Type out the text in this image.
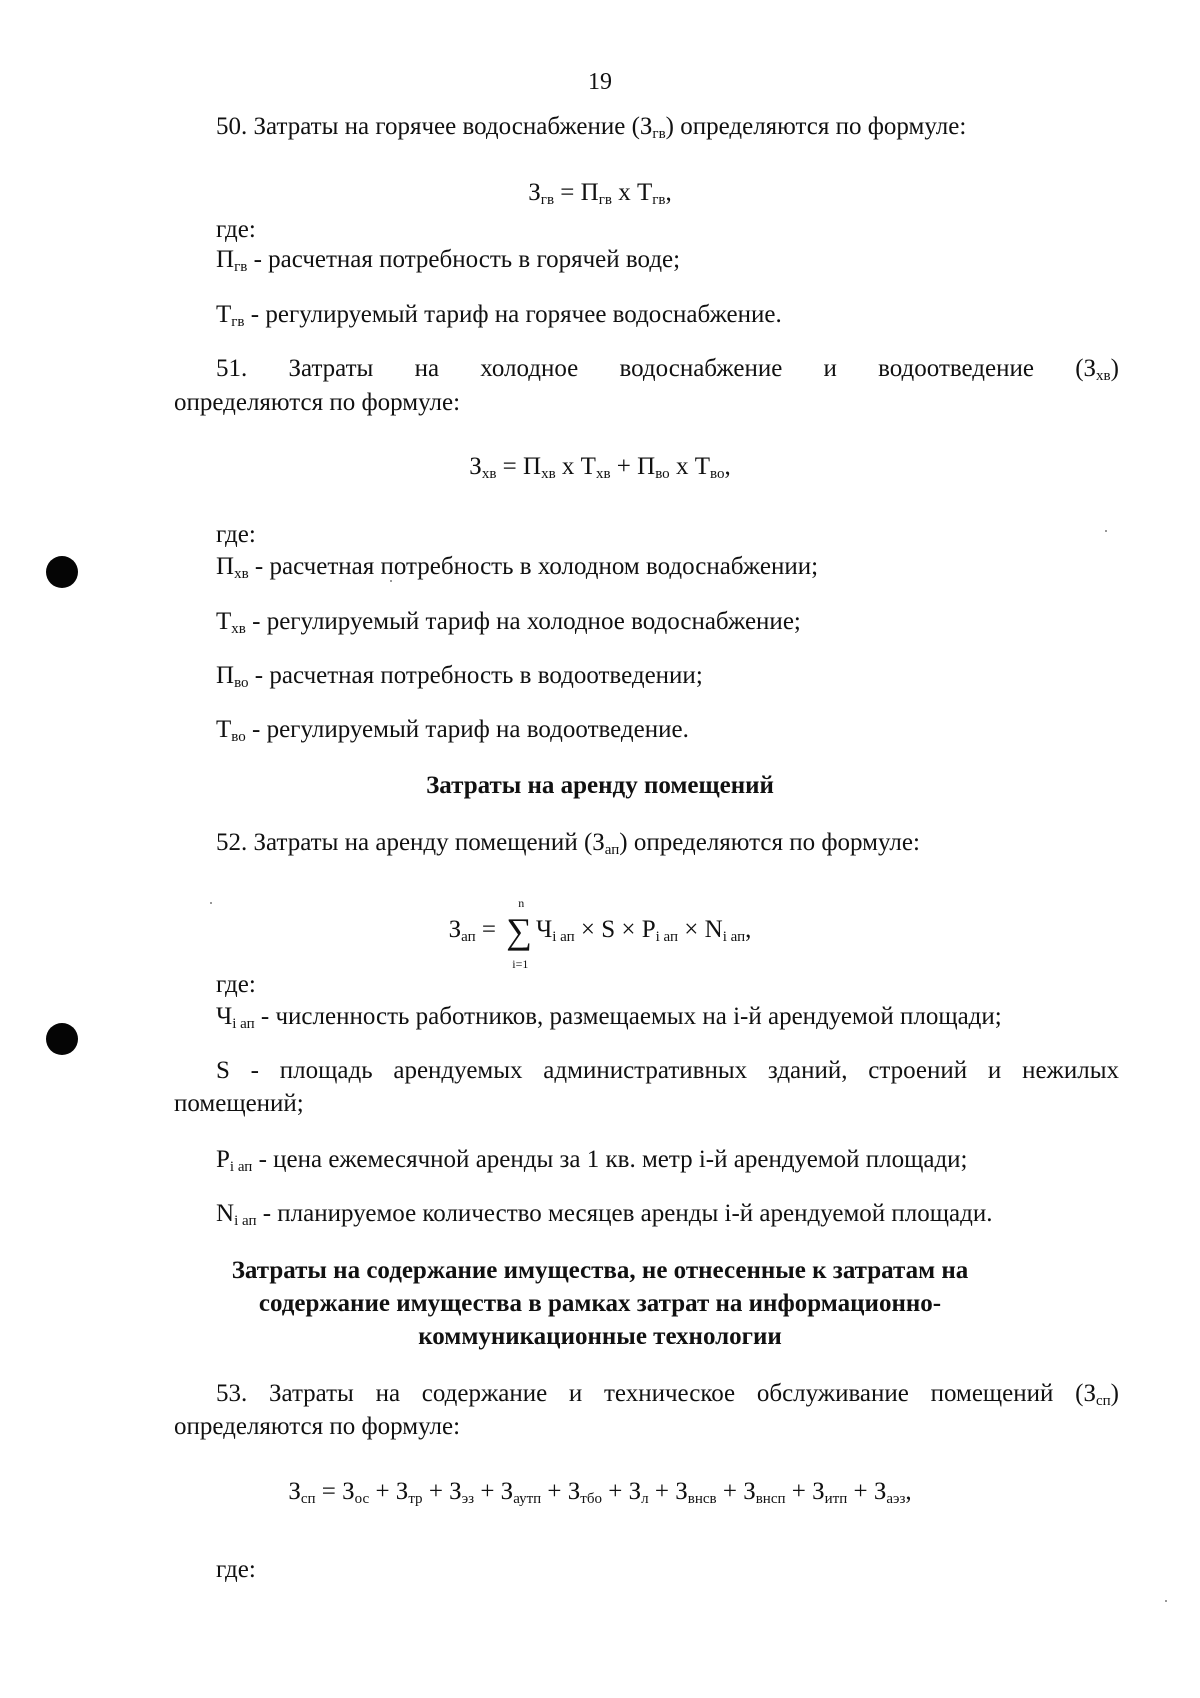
19
50. Затраты на горячее водоснабжение $(З_{гв})$ определяются по формуле:
$З_{гв} = П_{гв}$ x $Т_{гв}$,
где:
$П_{гв}$ - расчетная потребность в горячей воде;
$Т_{гв}$ - регулируемый тариф на горячее водоснабжение.
51. Затраты на холодное водоснабжение и водоотведение $(З_{хв})$
определяются по формуле:
$З_{хв} = П_{хв}$ x $Т_{хв} + П_{во}$ x $Т_{во}$,
где:
$П_{хв}$ - расчетная потребность в холодном водоснабжении;
$Т_{хв}$ - регулируемый тариф на холодное водоснабжение;
$П_{во}$ - расчетная потребность в водоотведении;
$Т_{во}$ - регулируемый тариф на водоотведение.
Затраты на аренду помещений
52. Затраты на аренду помещений $(З_{ап})$ определяются по формуле:
$З_{ап}$ = ∑
n
i=1
$Ч_{i ап} \times S \times P_{i ап} \times N_{i ап}$,
где:
$Ч_{i ап}$ - численность работников, размещаемых на i-й арендуемой площади;
S - площадь арендуемых административных зданий, строений и нежилых
помещений;
$P_{i ап}$ - цена ежемесячной аренды за 1 кв. метр i-й арендуемой площади;
$N_{i ап}$ - планируемое количество месяцев аренды i-й арендуемой площади.
Затраты на содержание имущества, не отнесенные к затратам на
содержание имущества в рамках затрат на информационно-
коммуникационные технологии
53. Затраты на содержание и техническое обслуживание помещений $(З_{сп})$
определяются по формуле:
$З_{сп} = З_{ос} + З_{тр} + З_{эз} + З_{аутп} + З_{тбо} + З_л + З_{внсв} + З_{внсп} + З_{итп} + З_{аэз}$,
где:
